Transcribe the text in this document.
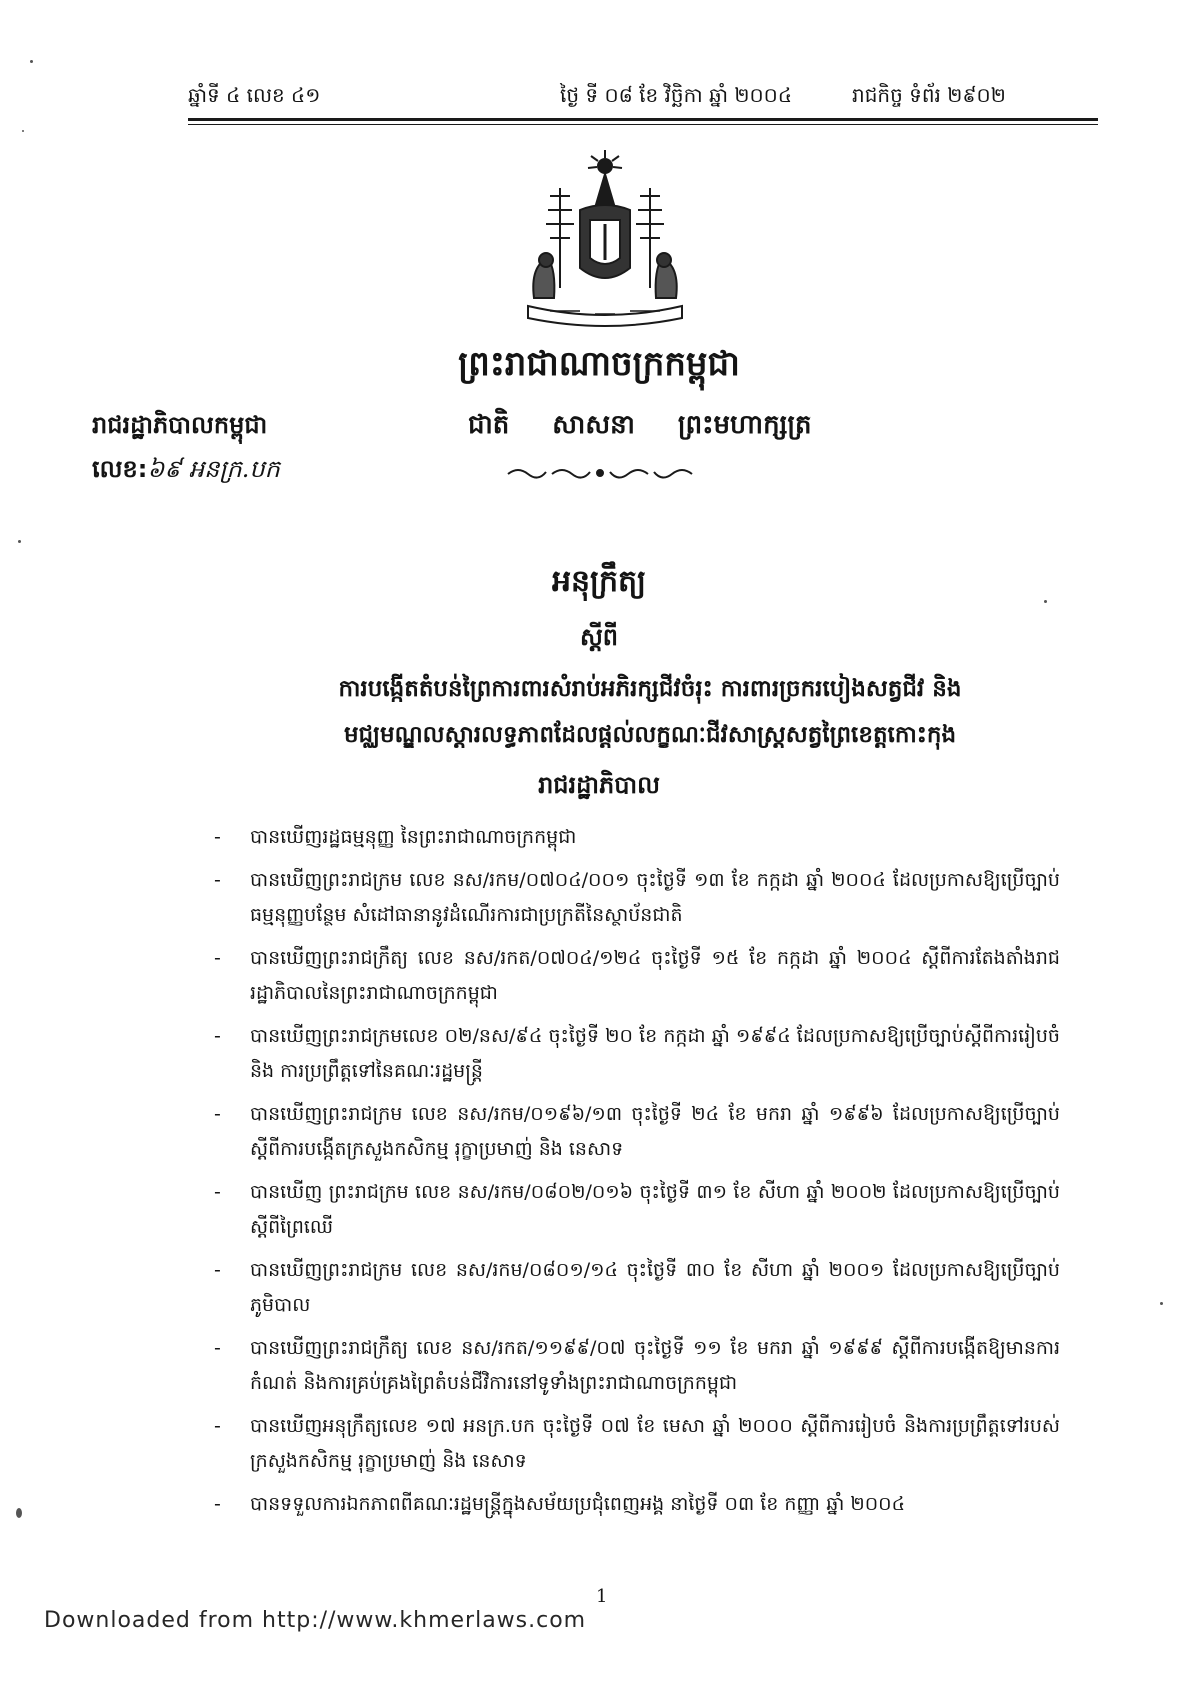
ឆ្នាំទី ៤ លេខ ៤១	ថ្ងៃ ទី ០៨ ខែ វិច្ឆិកា ឆ្នាំ ២០០៤	រាជកិច្ច ទំព័រ ២៩០២
ព្រះរាជាណាចក្រកម្ពុជា
រាជរដ្ឋាភិបាលកម្ពុជា	ជាតិ សាសនា ព្រះមហាក្សត្រ
លេខ:៦៩ អនក្រ.បក
អនុក្រឹត្យ
ស្តីពី
ការបង្កើតតំបន់ព្រៃការពារសំរាប់អភិរក្សជីវចំរុះ ការពារច្រករបៀងសត្វជីវ និង
មជ្ឈមណ្ឌលស្តារលទ្ធភាពដែលផ្តល់លក្ខណៈជីវសាស្ត្រសត្វព្រៃខេត្តកោះកុង
រាជរដ្ឋាភិបាល
- បានឃើញរដ្ឋធម្មនុញ្ញ នៃព្រះរាជាណាចក្រកម្ពុជា
- បានឃើញព្រះរាជក្រម លេខ នស/រកម/០៧០៤/០០១ ចុះថ្ងៃទី ១៣ ខែ កក្កដា ឆ្នាំ ២០០៤ ដែលប្រកាសឱ្យប្រើច្បាប់ធម្មនុញ្ញបន្ថែម សំដៅធានានូវដំណើរការជាប្រក្រតីនៃស្ថាប័នជាតិ
- បានឃើញព្រះរាជក្រឹត្យ លេខ នស/រកត/០៧០៤/១២៤ ចុះថ្ងៃទី ១៥ ខែ កក្កដា ឆ្នាំ ២០០៤ ស្តីពីការតែងតាំងរាជរដ្ឋាភិបាលនៃព្រះរាជាណាចក្រកម្ពុជា
- បានឃើញព្រះរាជក្រមលេខ ០២/នស/៩៤ ចុះថ្ងៃទី ២០ ខែ កក្កដា ឆ្នាំ ១៩៩៤ ដែលប្រកាសឱ្យប្រើច្បាប់ស្តីពីការរៀបចំ និង ការប្រព្រឹត្តទៅនៃគណៈរដ្ឋមន្ត្រី
- បានឃើញព្រះរាជក្រម លេខ នស/រកម/០១៩៦/១៣ ចុះថ្ងៃទី ២៤ ខែ មករា ឆ្នាំ ១៩៩៦ ដែលប្រកាសឱ្យប្រើច្បាប់ ស្តីពីការបង្កើតក្រសួងកសិកម្ម រុក្ខាប្រមាញ់ និង នេសាទ
- បានឃើញ ព្រះរាជក្រម លេខ នស/រកម/០៨០២/០១៦ ចុះថ្ងៃទី ៣១ ខែ សីហា ឆ្នាំ ២០០២ ដែលប្រកាសឱ្យប្រើច្បាប់ស្តីពីព្រៃឈើ
- បានឃើញព្រះរាជក្រម លេខ នស/រកម/០៨០១/១៤ ចុះថ្ងៃទី ៣០ ខែ សីហា ឆ្នាំ ២០០១ ដែលប្រកាសឱ្យប្រើច្បាប់ភូមិបាល
- បានឃើញព្រះរាជក្រឹត្យ លេខ នស/រកត/១១៩៩/០៧ ចុះថ្ងៃទី ១១ ខែ មករា ឆ្នាំ ១៩៩៩ ស្តីពីការបង្កើតឱ្យមានការកំណត់ និងការគ្រប់គ្រងព្រៃតំបន់ជីវិការនៅទូទាំងព្រះរាជាណាចក្រកម្ពុជា
- បានឃើញអនុក្រឹត្យលេខ ១៧ អនក្រ.បក ចុះថ្ងៃទី ០៧ ខែ មេសា ឆ្នាំ ២០០០ ស្តីពីការរៀបចំ និងការប្រព្រឹត្តទៅរបស់ក្រសួងកសិកម្ម រុក្ខាប្រមាញ់ និង នេសាទ
- បានទទួលការឯកភាពពីគណៈរដ្ឋមន្ត្រីក្នុងសម័យប្រជុំពេញអង្គ នាថ្ងៃទី ០៣ ខែ កញ្ញា ឆ្នាំ ២០០៤
1
Downloaded from http://www.khmerlaws.com
